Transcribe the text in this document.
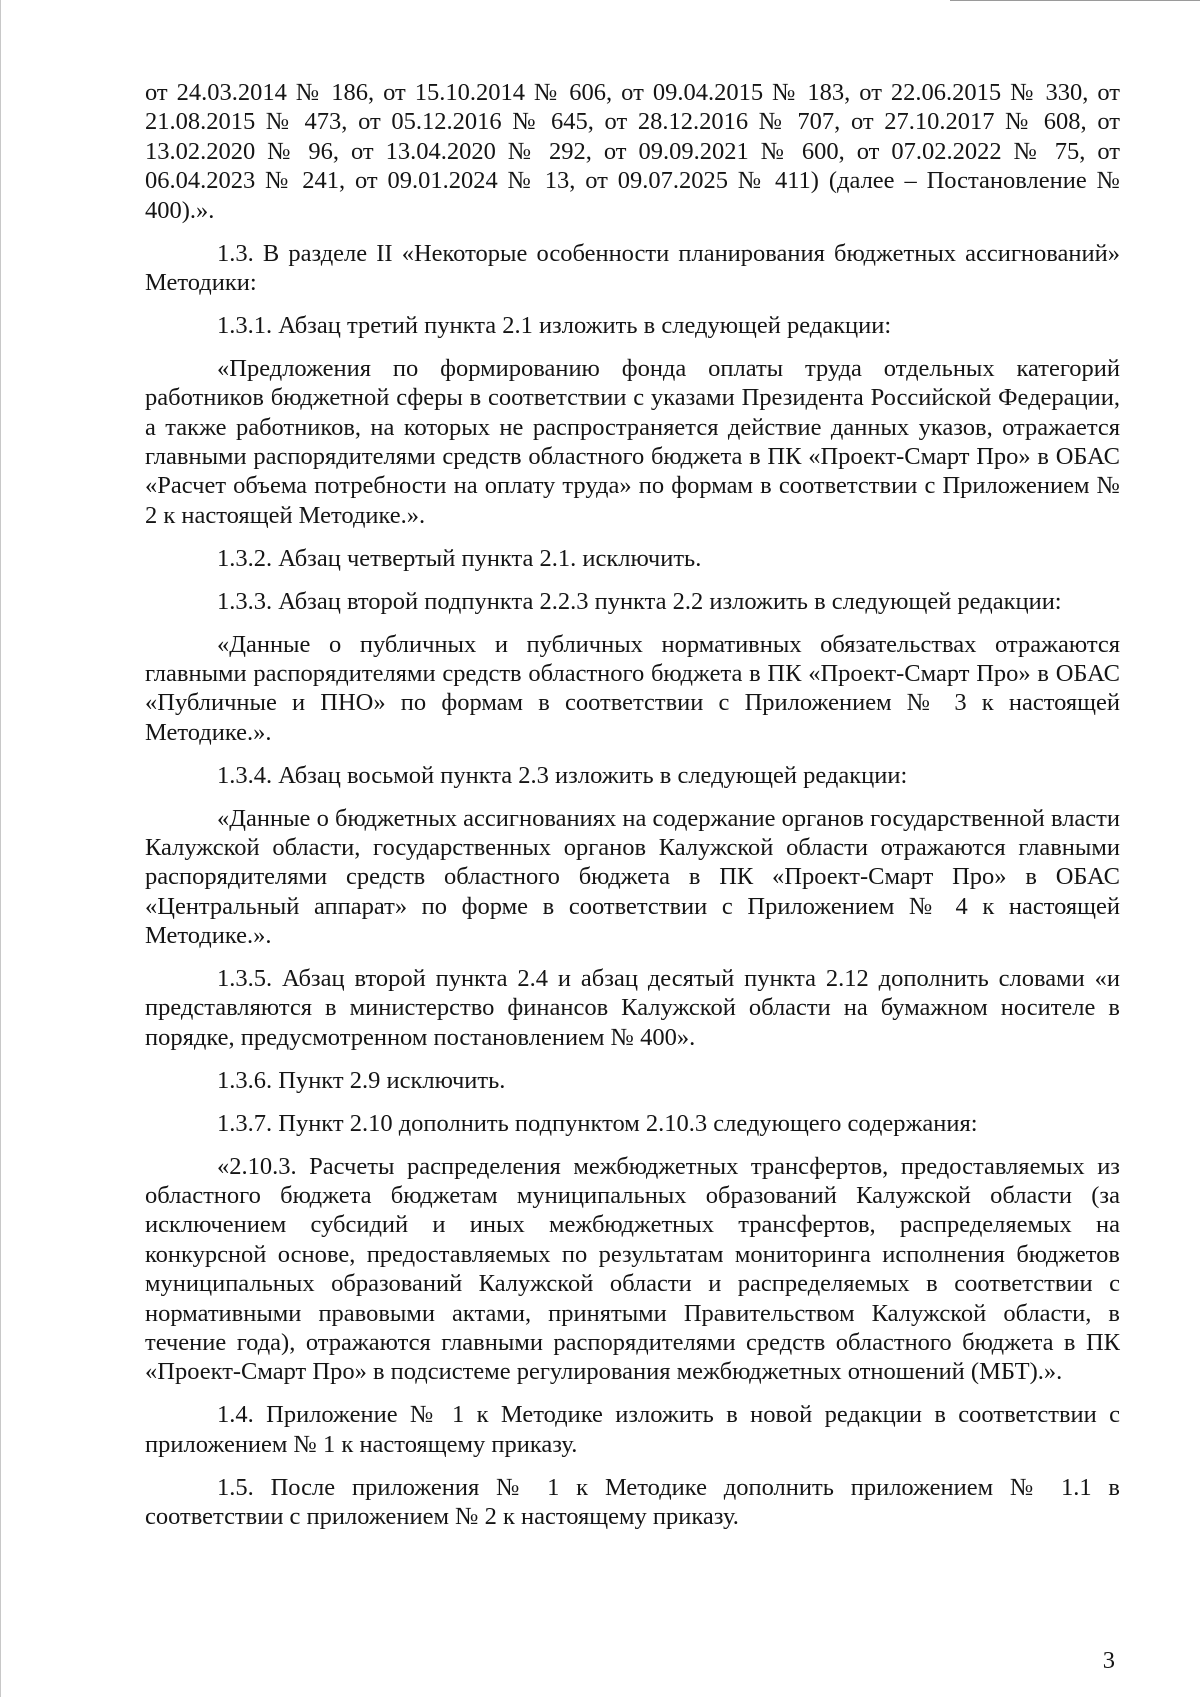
от 24.03.2014 № 186, от 15.10.2014 № 606, от 09.04.2015 № 183, от 22.06.2015 № 330, от 21.08.2015 № 473, от 05.12.2016 № 645, от 28.12.2016 № 707, от 27.10.2017 № 608, от 13.02.2020 № 96, от 13.04.2020 № 292, от 09.09.2021 № 600, от 07.02.2022 № 75, от 06.04.2023 № 241, от 09.01.2024 № 13, от 09.07.2025 № 411) (далее – Постановление № 400).».

1.3. В разделе II «Некоторые особенности планирования бюджетных ассигнований» Методики:

1.3.1. Абзац третий пункта 2.1 изложить в следующей редакции:

«Предложения по формированию фонда оплаты труда отдельных категорий работников бюджетной сферы в соответствии с указами Президента Российской Федерации, а также работников, на которых не распространяется действие данных указов, отражается главными распорядителями средств областного бюджета в ПК «Проект-Смарт Про» в ОБАС «Расчет объема потребности на оплату труда» по формам в соответствии с Приложением № 2 к настоящей Методике.».

1.3.2. Абзац четвертый пункта 2.1. исключить.

1.3.3. Абзац второй подпункта 2.2.3 пункта 2.2 изложить в следующей редакции:

«Данные о публичных и публичных нормативных обязательствах отражаются главными распорядителями средств областного бюджета в ПК «Проект-Смарт Про» в ОБАС «Публичные и ПНО» по формам в соответствии с Приложением № 3 к настоящей Методике.».

1.3.4. Абзац восьмой пункта 2.3 изложить в следующей редакции:

«Данные о бюджетных ассигнованиях на содержание органов государственной власти Калужской области, государственных органов Калужской области отражаются главными распорядителями средств областного бюджета в ПК «Проект-Смарт Про» в ОБАС «Центральный аппарат» по форме в соответствии с Приложением № 4 к настоящей Методике.».

1.3.5. Абзац второй пункта 2.4 и абзац десятый пункта 2.12 дополнить словами «и представляются в министерство финансов Калужской области на бумажном носителе в порядке, предусмотренном постановлением № 400».

1.3.6. Пункт 2.9 исключить.

1.3.7. Пункт 2.10 дополнить подпунктом 2.10.3 следующего содержания:

«2.10.3. Расчеты распределения межбюджетных трансфертов, предоставляемых из областного бюджета бюджетам муниципальных образований Калужской области (за исключением субсидий и иных межбюджетных трансфертов, распределяемых на конкурсной основе, предоставляемых по результатам мониторинга исполнения бюджетов муниципальных образований Калужской области и распределяемых в соответствии с нормативными правовыми актами, принятыми Правительством Калужской области, в течение года), отражаются главными распорядителями средств областного бюджета в ПК «Проект-Смарт Про» в подсистеме регулирования межбюджетных отношений (МБТ).».

1.4. Приложение № 1 к Методике изложить в новой редакции в соответствии с приложением № 1 к настоящему приказу.

1.5. После приложения № 1 к Методике дополнить приложением № 1.1 в соответствии с приложением № 2 к настоящему приказу.

3
